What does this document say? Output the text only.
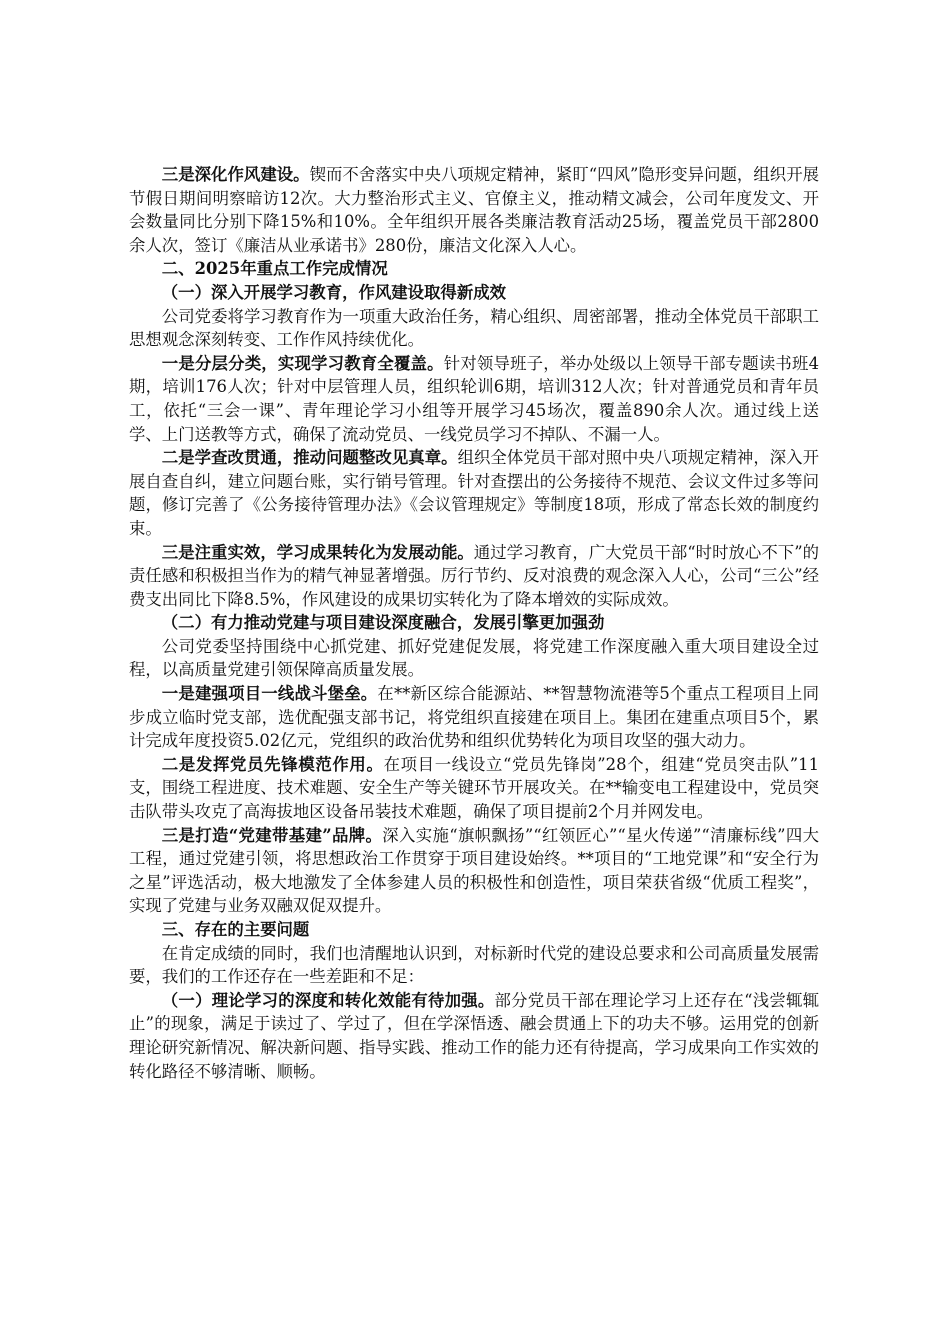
三是深化作风建设。锲而不舍落实中央八项规定精神，紧盯“四风”隐形变异问题，组织开展节假日期间明察暗访12次。大力整治形式主义、官僚主义，推动精文减会，公司年度发文、开会数量同比分别下降15%和10%。全年组织开展各类廉洁教育活动25场，覆盖党员干部2800余人次，签订《廉洁从业承诺书》280份，廉洁文化深入人心。

二、2025年重点工作完成情况

（一）深入开展学习教育，作风建设取得新成效

公司党委将学习教育作为一项重大政治任务，精心组织、周密部署，推动全体党员干部职工思想观念深刻转变、工作作风持续优化。

一是分层分类，实现学习教育全覆盖。针对领导班子，举办处级以上领导干部专题读书班4期，培训176人次；针对中层管理人员，组织轮训6期，培训312人次；针对普通党员和青年员工，依托“三会一课”、青年理论学习小组等开展学习45场次，覆盖890余人次。通过线上送学、上门送教等方式，确保了流动党员、一线党员学习不掉队、不漏一人。

二是学查改贯通，推动问题整改见真章。组织全体党员干部对照中央八项规定精神，深入开展自查自纠，建立问题台账，实行销号管理。针对查摆出的公务接待不规范、会议文件过多等问题，修订完善了《公务接待管理办法》《会议管理规定》等制度18项，形成了常态长效的制度约束。

三是注重实效，学习成果转化为发展动能。通过学习教育，广大党员干部“时时放心不下”的责任感和积极担当作为的精气神显著增强。厉行节约、反对浪费的观念深入人心，公司“三公”经费支出同比下降8.5%，作风建设的成果切实转化为了降本增效的实际成效。

（二）有力推动党建与项目建设深度融合，发展引擎更加强劲

公司党委坚持围绕中心抓党建、抓好党建促发展，将党建工作深度融入重大项目建设全过程，以高质量党建引领保障高质量发展。

一是建强项目一线战斗堡垒。在**新区综合能源站、**智慧物流港等5个重点工程项目上同步成立临时党支部，选优配强支部书记，将党组织直接建在项目上。集团在建重点项目5个，累计完成年度投资5.02亿元，党组织的政治优势和组织优势转化为项目攻坚的强大动力。

二是发挥党员先锋模范作用。在项目一线设立“党员先锋岗”28个，组建“党员突击队”11支，围绕工程进度、技术难题、安全生产等关键环节开展攻关。在**输变电工程建设中，党员突击队带头攻克了高海拔地区设备吊装技术难题，确保了项目提前2个月并网发电。

三是打造“党建带基建”品牌。深入实施“旗帜飘扬”“红领匠心”“星火传递”“清廉标线”四大工程，通过党建引领，将思想政治工作贯穿于项目建设始终。**项目的“工地党课”和“安全行为之星”评选活动，极大地激发了全体参建人员的积极性和创造性，项目荣获省级“优质工程奖”，实现了党建与业务双融双促双提升。

三、存在的主要问题

在肯定成绩的同时，我们也清醒地认识到，对标新时代党的建设总要求和公司高质量发展需要，我们的工作还存在一些差距和不足：

（一）理论学习的深度和转化效能有待加强。部分党员干部在理论学习上还存在“浅尝辄辄止”的现象，满足于读过了、学过了，但在学深悟透、融会贯通上下的功夫不够。运用党的创新理论研究新情况、解决新问题、指导实践、推动工作的能力还有待提高，学习成果向工作实效的转化路径不够清晰、顺畅。
